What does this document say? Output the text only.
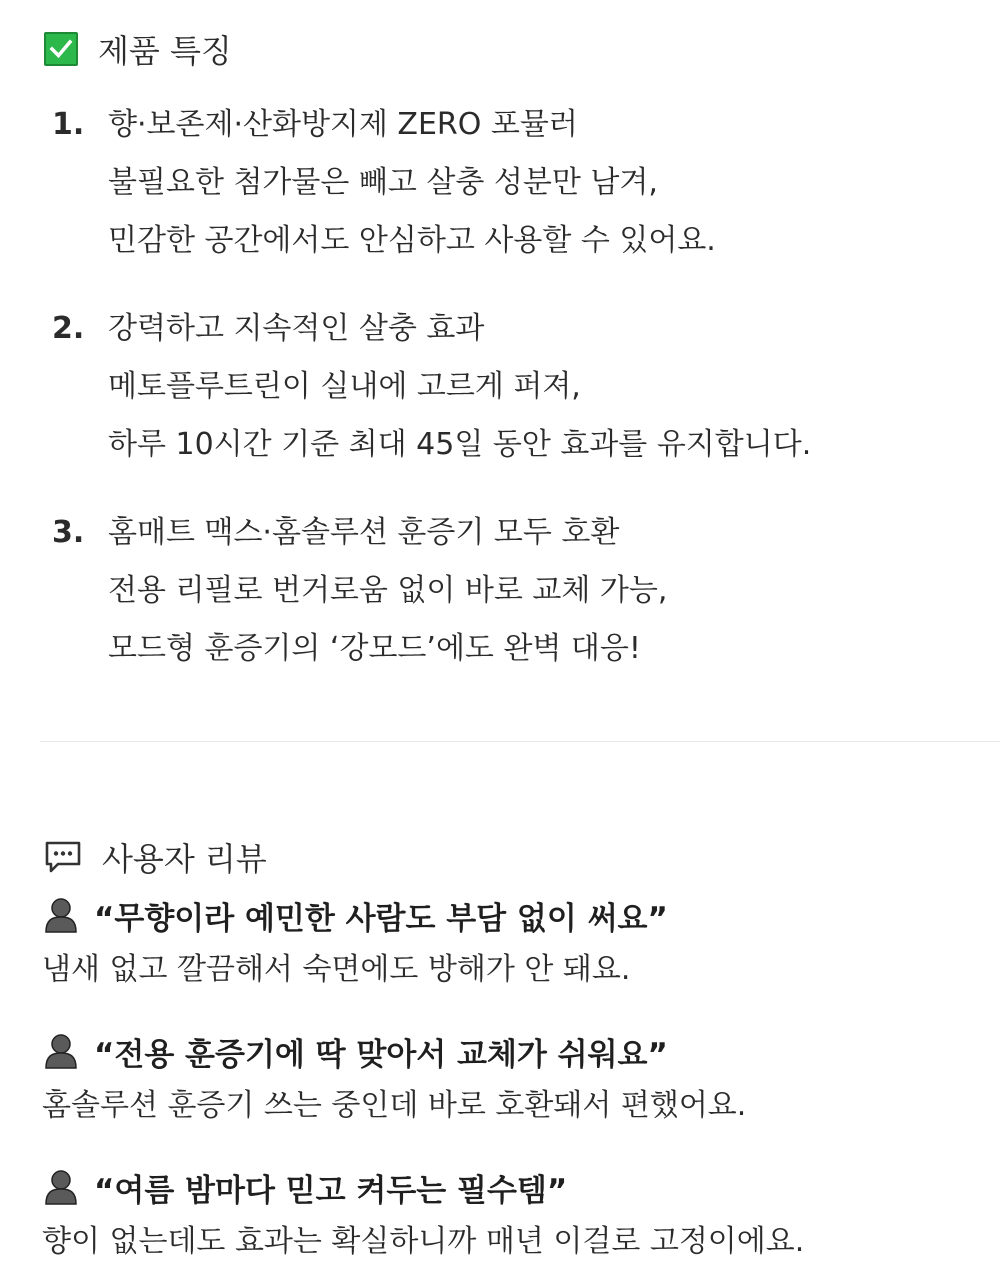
제품 특징
1. 향·보존제·산화방지제 ZERO 포뮬러
불필요한 첨가물은 빼고 살충 성분만 남겨,
민감한 공간에서도 안심하고 사용할 수 있어요.
2. 강력하고 지속적인 살충 효과
메토플루트린이 실내에 고르게 퍼져,
하루 10시간 기준 최대 45일 동안 효과를 유지합니다.
3. 홈매트 맥스·홈솔루션 훈증기 모두 호환
전용 리필로 번거로움 없이 바로 교체 가능,
모드형 훈증기의 ‘강모드’에도 완벽 대응!
사용자 리뷰
“무향이라 예민한 사람도 부담 없이 써요”
냄새 없고 깔끔해서 숙면에도 방해가 안 돼요.
“전용 훈증기에 딱 맞아서 교체가 쉬워요”
홈솔루션 훈증기 쓰는 중인데 바로 호환돼서 편했어요.
“여름 밤마다 믿고 켜두는 필수템”
향이 없는데도 효과는 확실하니까 매년 이걸로 고정이에요.
